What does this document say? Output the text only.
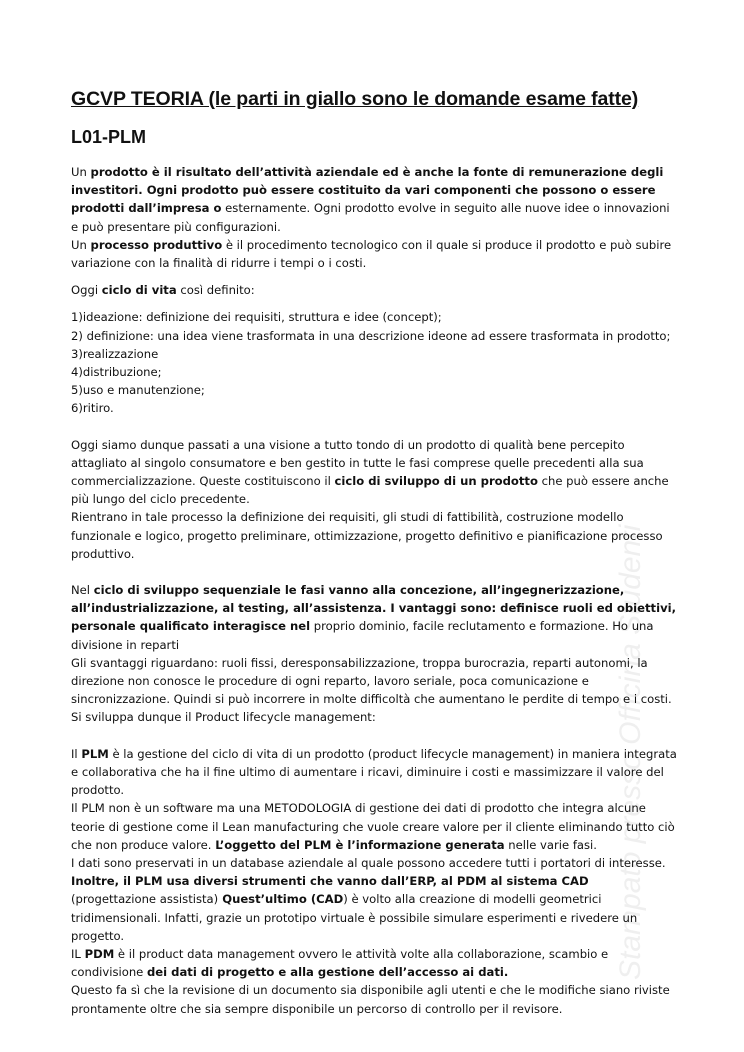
Stampato presso Officina Studenti
GCVP TEORIA (le parti in giallo sono le domande esame fatte)
L01-PLM

Un prodotto è il risultato dell’attività aziendale ed è anche la fonte di remunerazione degli investitori. Ogni prodotto può essere costituito da vari componenti che possono o essere prodotti dall’impresa o esternamente. Ogni prodotto evolve in seguito alle nuove idee o innovazioni e può presentare più configurazioni.

Un processo produttivo è il procedimento tecnologico con il quale si produce il prodotto e può subire variazione con la finalità di ridurre i tempi o i costi.

Oggi ciclo di vita così definito:

1)ideazione: definizione dei requisiti, struttura e idee (concept);

2) definizione: una idea viene trasformata in una descrizione ideone ad essere trasformata in prodotto;

3)realizzazione

4)distribuzione;

5)uso e manutenzione;

6)ritiro.

Oggi siamo dunque passati a una visione a tutto tondo di un prodotto di qualità bene percepito attagliato al singolo consumatore e ben gestito in tutte le fasi comprese quelle precedenti alla sua commercializzazione. Queste costituiscono il ciclo di sviluppo di un prodotto che può essere anche più lungo del ciclo precedente.

Rientrano in tale processo la definizione dei requisiti, gli studi di fattibilità, costruzione modello funzionale e logico, progetto preliminare, ottimizzazione, progetto definitivo e pianificazione processo produttivo.

Nel ciclo di sviluppo sequenziale le fasi vanno alla concezione, all’ingegnerizzazione, all’industrializzazione, al testing, all’assistenza. I vantaggi sono: definisce ruoli ed obiettivi, personale qualificato interagisce nel proprio dominio, facile reclutamento e formazione. Ho una divisione in reparti

Gli svantaggi riguardano: ruoli fissi, deresponsabilizzazione, troppa burocrazia, reparti autonomi, la direzione non conosce le procedure di ogni reparto, lavoro seriale, poca comunicazione e sincronizzazione. Quindi si può incorrere in molte difficoltà che aumentano le perdite di tempo e i costi. Si sviluppa dunque il Product lifecycle management:

Il PLM è la gestione del ciclo di vita di un prodotto (product lifecycle management) in maniera integrata e collaborativa che ha il fine ultimo di aumentare i ricavi, diminuire i costi e massimizzare il valore del prodotto.

Il PLM non è un software ma una METODOLOGIA di gestione dei dati di prodotto che integra alcune teorie di gestione come il Lean manufacturing che vuole creare valore per il cliente eliminando tutto ciò che non produce valore. L’oggetto del PLM è l’informazione generata nelle varie fasi.

I dati sono preservati in un database aziendale al quale possono accedere tutti i portatori di interesse.

Inoltre, il PLM usa diversi strumenti che vanno dall’ERP, al PDM al sistema CAD (progettazione assistista) Quest’ultimo (CAD) è volto alla creazione di modelli geometrici tridimensionali. Infatti, grazie un prototipo virtuale è possibile simulare esperimenti e rivedere un progetto.

IL PDM è il product data management ovvero le attività volte alla collaborazione, scambio e condivisione dei dati di progetto e alla gestione dell’accesso ai dati.

Questo fa sì che la revisione di un documento sia disponibile agli utenti e che le modifiche siano riviste prontamente oltre che sia sempre disponibile un percorso di controllo per il revisore.
